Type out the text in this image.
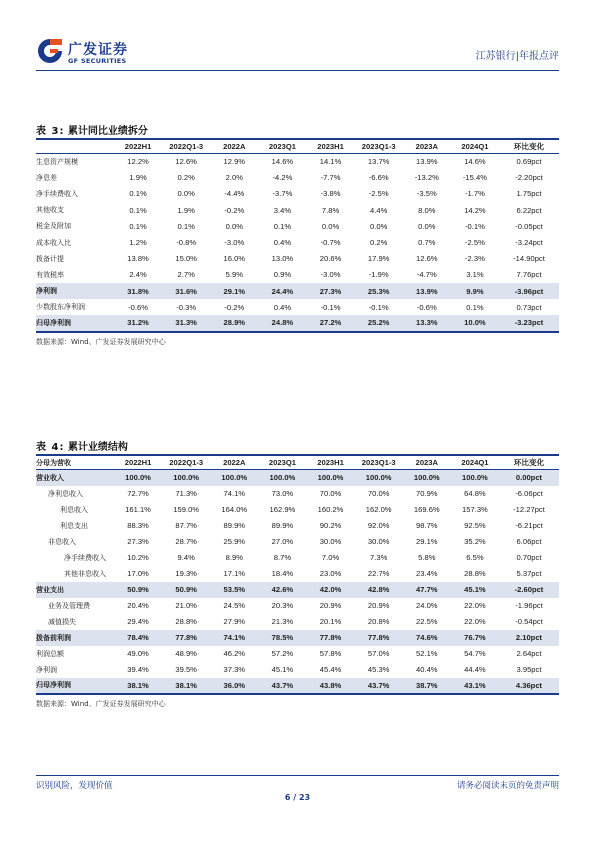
广发证券
GF SECURITIES	江苏银行|年报点评
表 3: 累计同比业绩拆分
	2022H1	2022Q1-3	2022A	2023Q1	2023H1	2023Q1-3	2023A	2024Q1	环比变化
生息资产规模	12.2%	12.6%	12.9%	14.6%	14.1%	13.7%	13.9%	14.6%	0.69pct
净息差	1.9%	0.2%	2.0%	-4.2%	-7.7%	-6.6%	-13.2%	-15.4%	-2.20pct
净手续费收入	0.1%	0.0%	-4.4%	-3.7%	-3.8%	-2.5%	-3.5%	-1.7%	1.75pct
其他收支	0.1%	1.9%	-0.2%	3.4%	7.8%	4.4%	8.0%	14.2%	6.22pct
税金及附加	0.1%	0.1%	0.0%	0.1%	0.0%	0.0%	0.0%	-0.1%	-0.05pct
成本收入比	1.2%	-0.8%	-3.0%	0.4%	-0.7%	0.2%	0.7%	-2.5%	-3.24pct
拨备计提	13.8%	15.0%	16.0%	13.0%	20.6%	17.9%	12.6%	-2.3%	-14.90pct
有效税率	2.4%	2.7%	5.9%	0.9%	-3.0%	-1.9%	-4.7%	3.1%	7.76pct
净利润	31.8%	31.6%	29.1%	24.4%	27.3%	25.3%	13.9%	9.9%	-3.96pct
少数股东净利润	-0.6%	-0.3%	-0.2%	0.4%	-0.1%	-0.1%	-0.6%	0.1%	0.73pct
归母净利润	31.2%	31.3%	28.9%	24.8%	27.2%	25.2%	13.3%	10.0%	-3.23pct
数据来源：Wind、广发证券发展研究中心
表 4: 累计业绩结构
分母为营收	2022H1	2022Q1-3	2022A	2023Q1	2023H1	2023Q1-3	2023A	2024Q1	环比变化
营业收入	100.0%	100.0%	100.0%	100.0%	100.0%	100.0%	100.0%	100.0%	0.00pct
净利息收入	72.7%	71.3%	74.1%	73.0%	70.0%	70.0%	70.9%	64.8%	-6.06pct
利息收入	161.1%	159.0%	164.0%	162.9%	160.2%	162.0%	169.6%	157.3%	-12.27pct
利息支出	88.3%	87.7%	89.9%	89.9%	90.2%	92.0%	98.7%	92.5%	-6.21pct
非息收入	27.3%	28.7%	25.9%	27.0%	30.0%	30.0%	29.1%	35.2%	6.06pct
净手续费收入	10.2%	9.4%	8.9%	8.7%	7.0%	7.3%	5.8%	6.5%	0.70pct
其他非息收入	17.0%	19.3%	17.1%	18.4%	23.0%	22.7%	23.4%	28.8%	5.37pct
营业支出	50.9%	50.9%	53.5%	42.6%	42.0%	42.8%	47.7%	45.1%	-2.60pct
业务及管理费	20.4%	21.0%	24.5%	20.3%	20.9%	20.9%	24.0%	22.0%	-1.96pct
减值损失	29.4%	28.8%	27.9%	21.3%	20.1%	20.8%	22.5%	22.0%	-0.54pct
拨备前利润	78.4%	77.8%	74.1%	78.5%	77.8%	77.8%	74.6%	76.7%	2.10pct
利润总额	49.0%	48.9%	46.2%	57.2%	57.8%	57.0%	52.1%	54.7%	2.64pct
净利润	39.4%	39.5%	37.3%	45.1%	45.4%	45.3%	40.4%	44.4%	3.95pct
归母净利润	38.1%	38.1%	36.0%	43.7%	43.8%	43.7%	38.7%	43.1%	4.36pct
数据来源：Wind、广发证券发展研究中心
识别风险，发现价值	请务必阅读末页的免责声明
6 / 23
